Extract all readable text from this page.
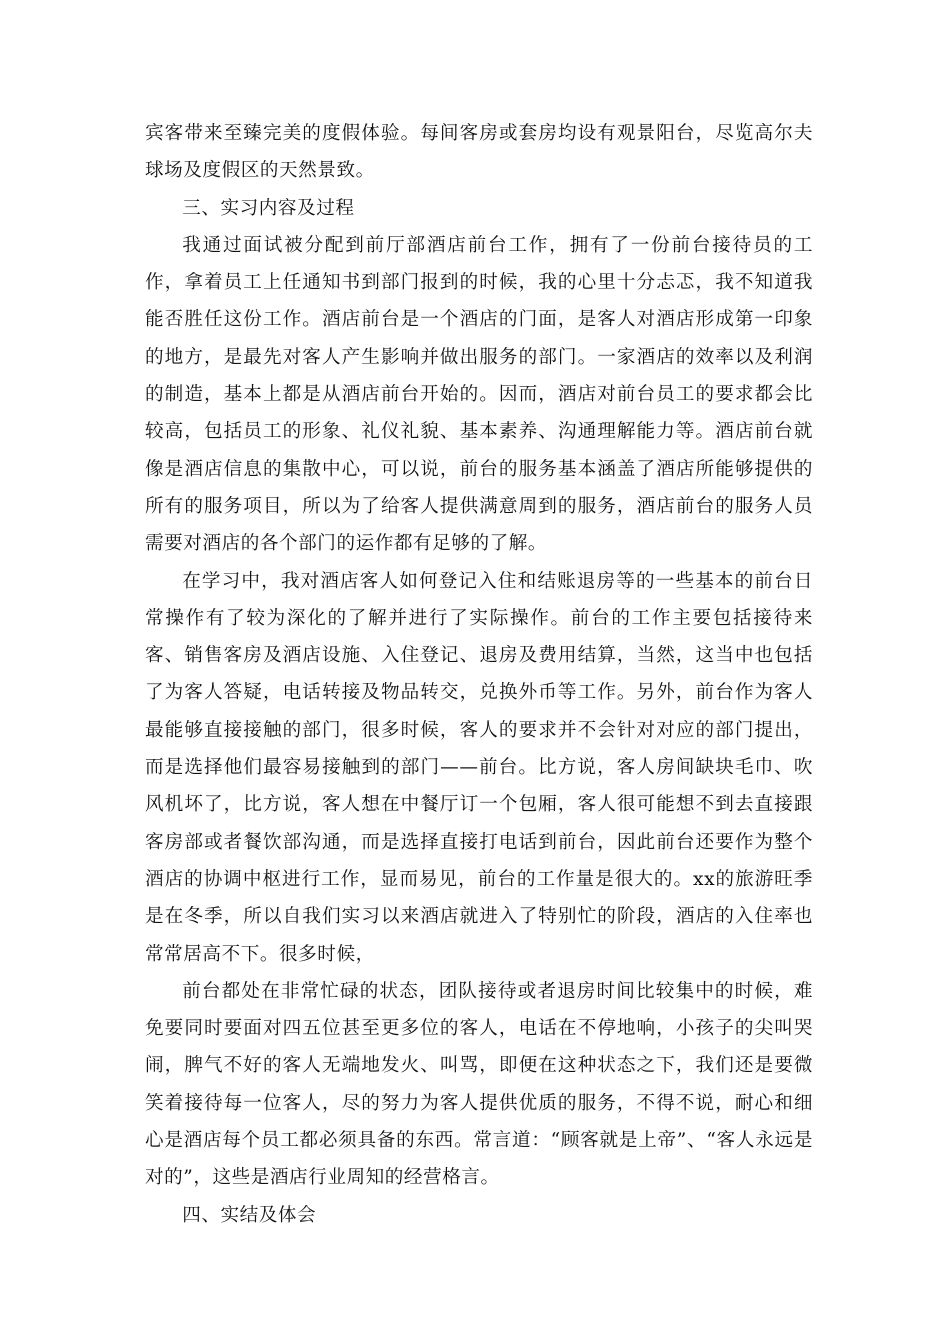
宾客带来至臻完美的度假体验。每间客房或套房均设有观景阳台，尽览高尔夫球场及度假区的天然景致。

三、实习内容及过程

我通过面试被分配到前厅部酒店前台工作，拥有了一份前台接待员的工作，拿着员工上任通知书到部门报到的时候，我的心里十分忐忑，我不知道我能否胜任这份工作。酒店前台是一个酒店的门面，是客人对酒店形成第一印象的地方，是最先对客人产生影响并做出服务的部门。一家酒店的效率以及利润的制造，基本上都是从酒店前台开始的。因而，酒店对前台员工的要求都会比较高，包括员工的形象、礼仪礼貌、基本素养、沟通理解能力等。酒店前台就像是酒店信息的集散中心，可以说，前台的服务基本涵盖了酒店所能够提供的所有的服务项目，所以为了给客人提供满意周到的服务，酒店前台的服务人员需要对酒店的各个部门的运作都有足够的了解。

在学习中，我对酒店客人如何登记入住和结账退房等的一些基本的前台日常操作有了较为深化的了解并进行了实际操作。前台的工作主要包括接待来客、销售客房及酒店设施、入住登记、退房及费用结算，当然，这当中也包括了为客人答疑，电话转接及物品转交，兑换外币等工作。另外，前台作为客人最能够直接接触的部门，很多时候，客人的要求并不会针对对应的部门提出，而是选择他们最容易接触到的部门——前台。比方说，客人房间缺块毛巾、吹风机坏了，比方说，客人想在中餐厅订一个包厢，客人很可能想不到去直接跟客房部或者餐饮部沟通，而是选择直接打电话到前台，因此前台还要作为整个酒店的协调中枢进行工作，显而易见，前台的工作量是很大的。xx的旅游旺季是在冬季，所以自我们实习以来酒店就进入了特别忙的阶段，酒店的入住率也常常居高不下。很多时候，

前台都处在非常忙碌的状态，团队接待或者退房时间比较集中的时候，难免要同时要面对四五位甚至更多位的客人，电话在不停地响，小孩子的尖叫哭闹，脾气不好的客人无端地发火、叫骂，即便在这种状态之下，我们还是要微笑着接待每一位客人，尽的努力为客人提供优质的服务，不得不说，耐心和细心是酒店每个员工都必须具备的东西。常言道：“顾客就是上帝”、“客人永远是对的”，这些是酒店行业周知的经营格言。

四、实结及体会
